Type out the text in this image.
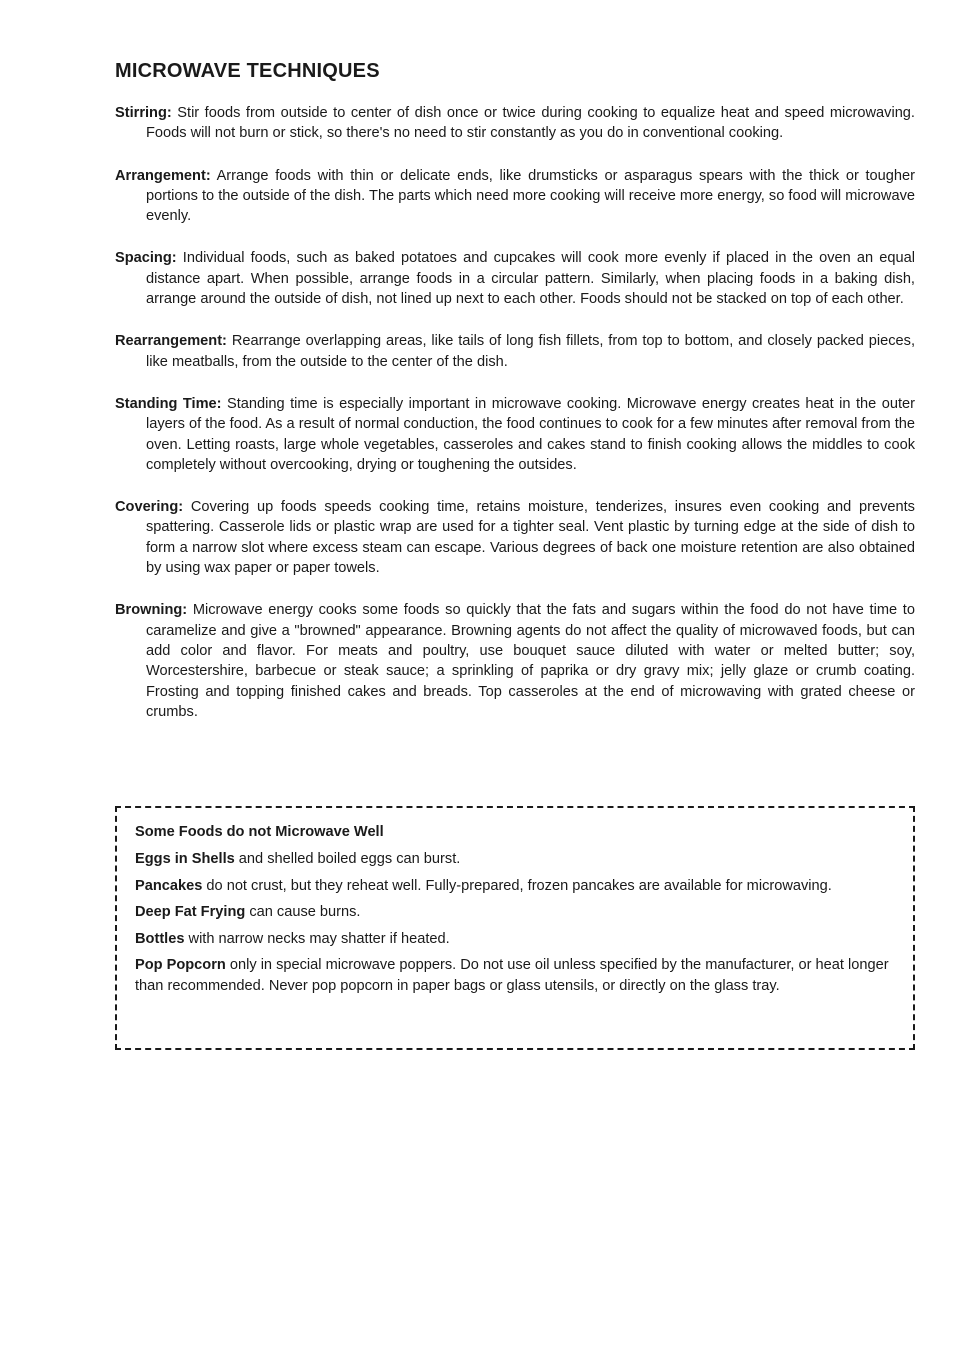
MICROWAVE TECHNIQUES

Stirring: Stir foods from outside to center of dish once or twice during cooking to equalize heat and speed microwaving. Foods will not burn or stick, so there's no need to stir constantly as you do in conventional cooking.

Arrangement: Arrange foods with thin or delicate ends, like drumsticks or asparagus spears with the thick or tougher portions to the outside of the dish. The parts which need more cooking will receive more energy, so food will microwave evenly.

Spacing: Individual foods, such as baked potatoes and cupcakes will cook more evenly if placed in the oven an equal distance apart. When possible, arrange foods in a circular pattern. Similarly, when placing foods in a baking dish, arrange around the outside of dish, not lined up next to each other. Foods should not be stacked on top of each other.

Rearrangement: Rearrange overlapping areas, like tails of long fish fillets, from top to bottom, and closely packed pieces, like meatballs, from the outside to the center of the dish.

Standing Time: Standing time is especially important in microwave cooking. Microwave energy creates heat in the outer layers of the food. As a result of normal conduction, the food continues to cook for a few minutes after removal from the oven. Letting roasts, large whole vegetables, casseroles and cakes stand to finish cooking allows the middles to cook completely without overcooking, drying or toughening the outsides.

Covering: Covering up foods speeds cooking time, retains moisture, tenderizes, insures even cooking and prevents spattering. Casserole lids or plastic wrap are used for a tighter seal. Vent plastic by turning edge at the side of dish to form a narrow slot where excess steam can escape. Various degrees of back one moisture retention are also obtained by using wax paper or paper towels.

Browning: Microwave energy cooks some foods so quickly that the fats and sugars within the food do not have time to caramelize and give a "browned" appearance. Browning agents do not affect the quality of microwaved foods, but can add color and flavor. For meats and poultry, use bouquet sauce diluted with water or melted butter; soy, Worcestershire, barbecue or steak sauce; a sprinkling of paprika or dry gravy mix; jelly glaze or crumb coating. Frosting and topping finished cakes and breads. Top casseroles at the end of microwaving with grated cheese or crumbs.

Some Foods do not Microwave Well
Eggs in Shells and shelled boiled eggs can burst.
Pancakes do not crust, but they reheat well. Fully-prepared, frozen pancakes are available for microwaving.
Deep Fat Frying can cause burns.
Bottles with narrow necks may shatter if heated.
Pop Popcorn only in special microwave poppers. Do not use oil unless specified by the manufacturer, or heat longer than recommended. Never pop popcorn in paper bags or glass utensils, or directly on the glass tray.
